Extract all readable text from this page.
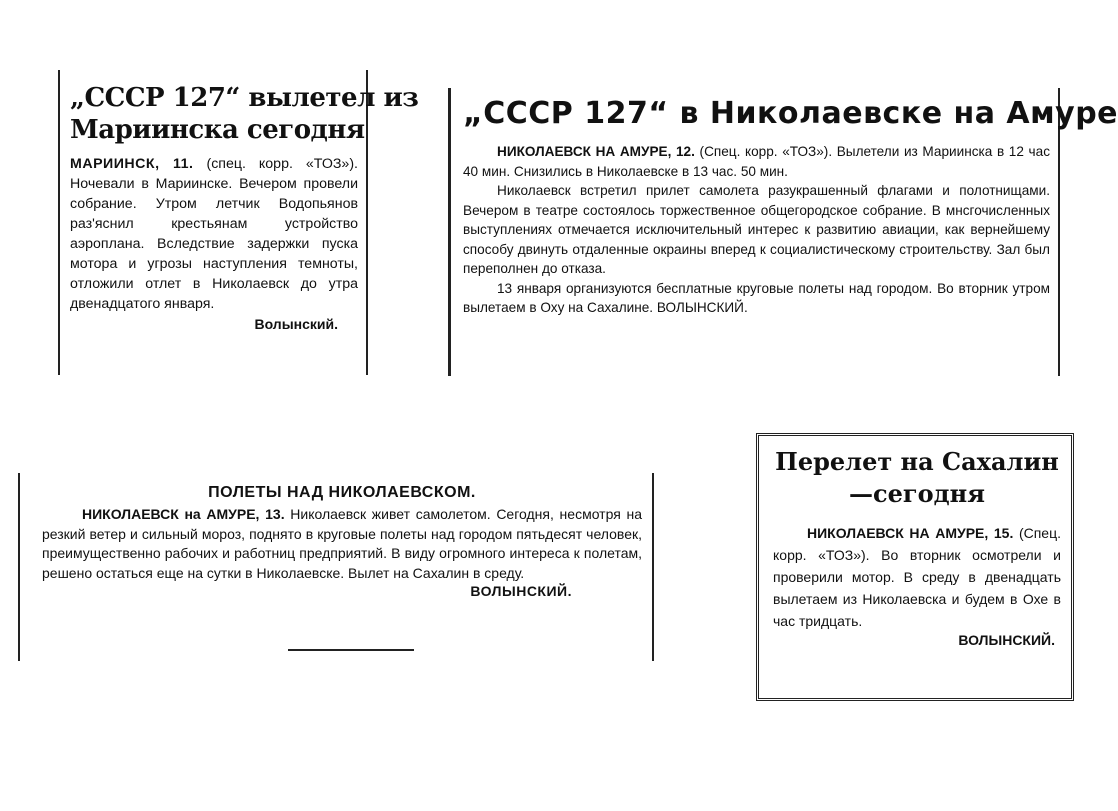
„СССР 127“ вылетел из
Мариинска сегодня

МАРИИНСК, 11. (спец. корр. «ТОЗ»). Ночевали в Мариинске. Вечером провели собрание. Утром летчик Водопьянов раз'яснил крестьянам устройство аэроплана. Вследствие задержки пуска мотора и угрозы наступления темноты, отложили отлет в Николаевск до утра двенадцатого января.

Волынский.
„СССР 127“ в Николаевске на Амуре

НИКОЛАЕВСК НА АМУРЕ, 12. (Спец. корр. «ТОЗ»). Вылетели из Мариинска в 12 час 40 мин. Снизились в Николаевске в 13 час. 50 мин.

Николаевск встретил прилет самолета разукрашенный флагами и полотнищами. Вечером в театре состоялось торжественное общегородское собрание. В мнсгочисленных выступлениях отмечается исключительный интерес к развитию авиации, как вернейшему способу двинуть отдаленные окраины вперед к социалистическому строительству. Зал был переполнен до отказа.

13 января организуются бесплатные круговые полеты над городом. Во вторник утром вылетаем в Оху на Сахалине. ВОЛЫНСКИЙ.

ПОЛЕТЫ НАД НИКОЛАЕВСКОМ.

НИКОЛАЕВСК на АМУРЕ, 13. Николаевск живет самолетом. Сегодня, несмотря на резкий ветер и сильный мороз, поднято в круговые полеты над городом пятьдесят человек, преимущественно рабочих и работниц предприятий. В виду огромного интереса к полетам, решено остаться еще на сутки в Николаевске. Вылет на Сахалин в среду.

ВОЛЫНСКИЙ.
Перелет на Сахалин
—сегодня

НИКОЛАЕВСК НА АМУРЕ, 15. (Спец. корр. «ТОЗ»). Во вторник осмотрели и проверили мотор. В среду в двенадцать вылетаем из Николаевска и будем в Охе в час тридцать.

ВОЛЫНСКИЙ.
